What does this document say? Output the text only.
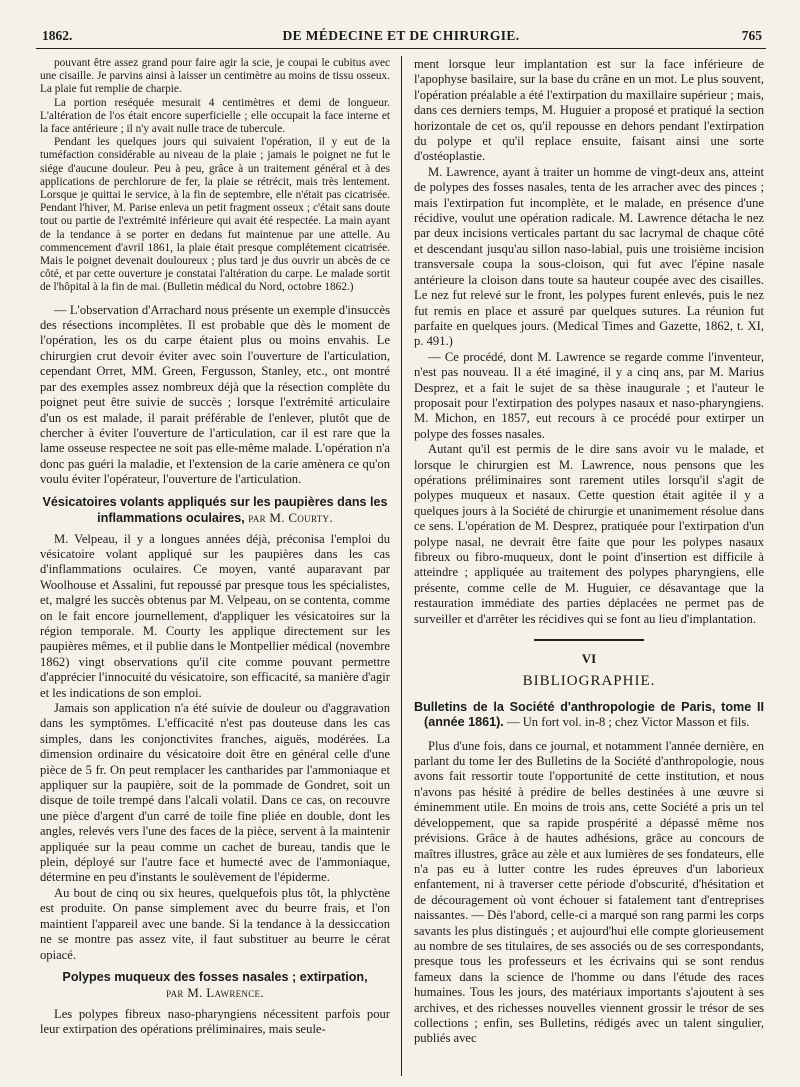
1862.	DE MÉDECINE ET DE CHIRURGIE.	765

pouvant être assez grand pour faire agir la scie, je coupai le cubitus avec une cisaille. Je parvins ainsi à laisser un centimètre au moins de tissu osseux. La plaie fut remplie de charpie.

La portion reséquée mesurait 4 centimètres et demi de longueur. L'altération de l'os était encore superficielle ; elle occupait la face interne et la face antérieure ; il n'y avait nulle trace de tubercule.

Pendant les quelques jours qui suivaient l'opération, il y eut de la tuméfaction considérable au niveau de la plaie ; jamais le poignet ne fut le siége d'aucune douleur. Peu à peu, grâce à un traitement général et à des applications de perchlorure de fer, la plaie se rétrécit, mais très lentement. Lorsque je quittai le service, à la fin de septembre, elle n'était pas cicatrisée. Pendant l'hiver, M. Parise enleva un petit fragment osseux ; c'était sans doute tout ou partie de l'extrémité inférieure qui avait été respectée. La main ayant de la tendance à se porter en dedans fut maintenue par une attelle. Au commencement d'avril 1861, la plaie était presque complétement cicatrisée. Mais le poignet devenait douloureux ; plus tard je dus ouvrir un abcès de ce côté, et par cette ouverture je constatai l'altération du carpe. Le malade sortit de l'hôpital à la fin de mai. (Bulletin médical du Nord, octobre 1862.)

— L'observation d'Arrachard nous présente un exemple d'insuccès des résections incomplètes. Il est probable que dès le moment de l'opération, les os du carpe étaient plus ou moins envahis. Le chirurgien crut devoir éviter avec soin l'ouverture de l'articulation, cependant Orret, MM. Green, Fergusson, Stanley, etc., ont montré par des exemples assez nombreux déjà que la résection complète du poignet peut être suivie de succès ; lorsque l'extrémité articulaire d'un os est malade, il parait préférable de l'enlever, plutôt que de chercher à éviter l'ouverture de l'articulation, car il est rare que la lame osseuse respectee ne soit pas elle-même malade. L'opération n'a donc pas guéri la maladie, et l'extension de la carie amènera ce qu'on voulu éviter l'opérateur, l'ouverture de l'articulation.

Vésicatoires volants appliqués sur les paupières dans les inflammations oculaires, par M. Courty.

M. Velpeau, il y a longues années déjà, préconisa l'emploi du vésicatoire volant appliqué sur les paupières dans les cas d'inflammations oculaires. Ce moyen, vanté auparavant par Woolhouse et Assalini, fut repoussé par presque tous les spécialistes, et, malgré les succès obtenus par M. Velpeau, on se contenta, comme on le fait encore journellement, d'appliquer les vésicatoires sur la région temporale. M. Courty les applique directement sur les paupières mêmes, et il publie dans le Montpellier médical (novembre 1862) vingt observations qu'il cite comme pouvant permettre d'apprécier l'innocuité du vésicatoire, son efficacité, sa manière d'agir et les indications de son emploi.

Jamais son application n'a été suivie de douleur ou d'aggravation dans les symptômes. L'efficacité n'est pas douteuse dans les cas simples, dans les conjonctivites franches, aiguës, modérées. La dimension ordinaire du vésicatoire doit être en général celle d'une pièce de 5 fr. On peut remplacer les cantharides par l'ammoniaque et appliquer sur la paupière, soit de la pommade de Gondret, soit un disque de toile trempé dans l'alcali volatil. Dans ce cas, on recouvre une pièce d'argent d'un carré de toile fine pliée en double, dont les angles, relevés vers l'une des faces de la pièce, servent à la maintenir appliquée sur la peau comme un cachet de bureau, tandis que le plein, déployé sur l'autre face et humecté avec de l'ammoniaque, détermine en peu d'instants le soulèvement de l'épiderme.

Au bout de cinq ou six heures, quelquefois plus tôt, la phlyctène est produite. On panse simplement avec du beurre frais, et l'on maintient l'appareil avec une bande. Si la tendance à la dessiccation ne se montre pas assez vite, il faut substituer au beurre le cérat opiacé.

Polypes muqueux des fosses nasales ; extirpation,
par M. Lawrence.

Les polypes fibreux naso-pharyngiens nécessitent parfois pour leur extirpation des opérations préliminaires, mais seule-

ment lorsque leur implantation est sur la face inférieure de l'apophyse basilaire, sur la base du crâne en un mot. Le plus souvent, l'opération préalable a été l'extirpation du maxillaire supérieur ; mais, dans ces derniers temps, M. Huguier a proposé et pratiqué la section horizontale de cet os, qu'il repousse en dehors pendant l'extirpation du polype et qu'il replace ensuite, faisant ainsi une sorte d'ostéoplastie.

M. Lawrence, ayant à traiter un homme de vingt-deux ans, atteint de polypes des fosses nasales, tenta de les arracher avec des pinces ; mais l'extirpation fut incomplète, et le malade, en présence d'une récidive, voulut une opération radicale. M. Lawrence détacha le nez par deux incisions verticales partant du sac lacrymal de chaque côté et descendant jusqu'au sillon naso-labial, puis une troisième incision transversale coupa la sous-cloison, qui fut avec l'épine nasale antérieure la cloison dans toute sa hauteur coupée avec des cisailles. Le nez fut relevé sur le front, les polypes furent enlevés, puis le nez fut remis en place et assuré par quelques sutures. La réunion fut parfaite en quelques jours. (Medical Times and Gazette, 1862, t. XI, p. 491.)

— Ce procédé, dont M. Lawrence se regarde comme l'inventeur, n'est pas nouveau. Il a été imaginé, il y a cinq ans, par M. Marius Desprez, et a fait le sujet de sa thèse inaugurale ; et l'auteur le proposait pour l'extirpation des polypes nasaux et naso-pharyngiens. M. Michon, en 1857, eut recours à ce procédé pour extirper un polype des fosses nasales.

Autant qu'il est permis de le dire sans avoir vu le malade, et lorsque le chirurgien est M. Lawrence, nous pensons que les opérations préliminaires sont rarement utiles lorsqu'il s'agit de polypes muqueux et nasaux. Cette question était agitée il y a quelques jours à la Société de chirurgie et unanimement résolue dans ce sens. L'opération de M. Desprez, pratiquée pour l'extirpation d'un polype nasal, ne devrait être faite que pour les polypes nasaux fibreux ou fibro-muqueux, dont le point d'insertion est difficile à atteindre ; appliquée au traitement des polypes pharyngiens, elle présente, comme celle de M. Huguier, ce désavantage que la restauration immédiate des parties déplacées ne permet pas de surveiller et d'arrêter les récidives qui se font au lieu d'implantation.

VI

BIBLIOGRAPHIE.

Bulletins de la Société d'anthropologie de Paris, tome II (année 1861). — Un fort vol. in-8 ; chez Victor Masson et fils.

Plus d'une fois, dans ce journal, et notamment l'année dernière, en parlant du tome Ier des Bulletins de la Société d'anthropologie, nous avons fait ressortir toute l'opportunité de cette institution, et nous n'avons pas hésité à prédire de belles destinées à une œuvre si éminemment utile. En moins de trois ans, cette Société a pris un tel développement, que sa rapide prospérité a dépassé même nos prévisions. Grâce à de hautes adhésions, grâce au concours de maîtres illustres, grâce au zèle et aux lumières de ses fondateurs, elle n'a pas eu à lutter contre les rudes épreuves d'un laborieux enfantement, ni à traverser cette période d'obscurité, d'hésitation et de découragement où vont échouer si fatalement tant d'entreprises naissantes. — Dès l'abord, celle-ci a marqué son rang parmi les corps savants les plus distingués ; et aujourd'hui elle compte glorieusement au nombre de ses titulaires, de ses associés ou de ses correspondants, presque tous les professeurs et les écrivains qui se sont rendus fameux dans la science de l'homme ou dans l'étude des races humaines. Tous les jours, des matériaux importants s'ajoutent à ses archives, et des richesses nouvelles viennent grossir le trésor de ses collections ; enfin, ses Bulletins, rédigés avec un talent singulier, publiés avec
